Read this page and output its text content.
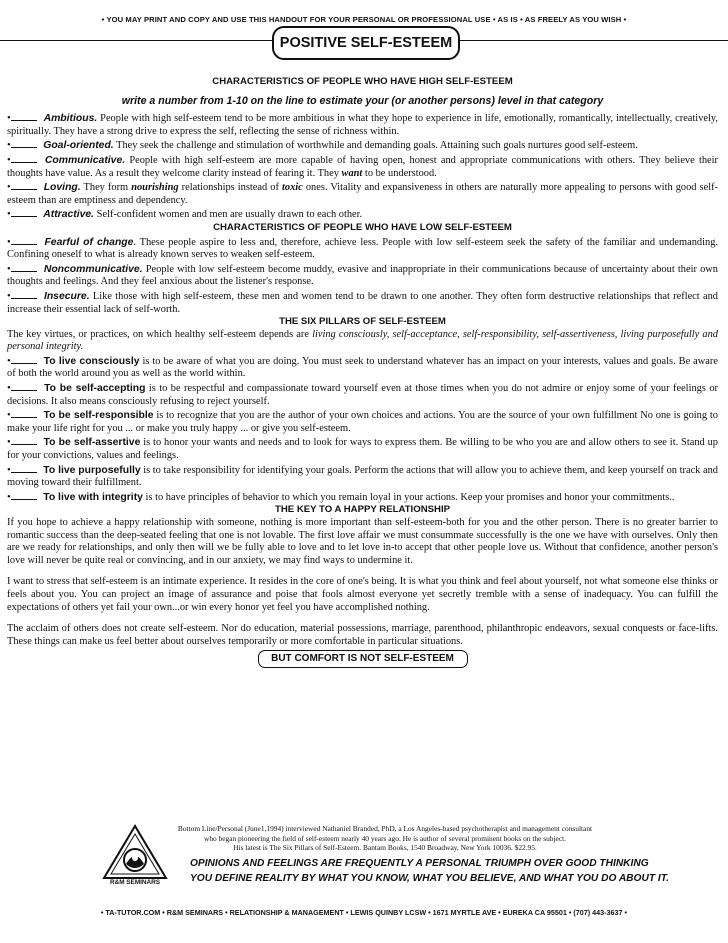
• YOU MAY PRINT AND COPY AND USE THIS HANDOUT FOR YOUR PERSONAL OR PROFESSIONAL USE • AS IS • AS FREELY AS YOU WISH •
POSITIVE SELF-ESTEEM

CHARACTERISTICS OF PEOPLE WHO HAVE HIGH SELF-ESTEEM

write a number from 1-10 on the line to estimate your (or another persons) level in that category

•	Ambitious. People with high self-esteem tend to be more ambitious in what they hope to experience in life, emotionally, romantically, intellectually, creatively, spiritually. They have a strong drive to express the self, reflecting the sense of richness within.

•	Goal-oriented. They seek the challenge and stimulation of worthwhile and demanding goals. Attaining such goals nurtures good self-esteem.

•	Communicative. People with high self-esteem are more capable of having open, honest and appropriate communications with others. They believe their thoughts have value. As a result they welcome clarity instead of fearing it. They want to be understood.

•	Loving. They form nourishing relationships instead of toxic ones. Vitality and expansiveness in others are naturally more appealing to persons with good self-esteem than are emptiness and dependency.

•	Attractive. Self-confident women and men are usually drawn to each other.

CHARACTERISTICS OF PEOPLE WHO HAVE LOW SELF-ESTEEM

•	Fearful of change. These people aspire to less and, therefore, achieve less. People with low self-esteem seek the safety of the familiar and undemanding. Confining oneself to what is already known serves to weaken self-esteem.

•	Noncommunicative. People with low self-esteem become muddy, evasive and inappropriate in their communications because of uncertainty about their own thoughts and feelings. And they feel anxious about the listener's response.

•	Insecure. Like those with high self-esteem, these men and women tend to be drawn to one another. They often form destructive relationships that reflect and increase their essential lack of self-worth.

THE SIX PILLARS OF SELF-ESTEEM

The key virtues, or practices, on which healthy self-esteem depends are living consciously, self-acceptance, self-responsibility, self-assertiveness, living purposefully and personal integrity.

•	To live consciously is to be aware of what you are doing. You must seek to understand whatever has an impact on your interests, values and goals. Be aware of both the world around you as well as the world within.

•	To be self-accepting is to be respectful and compassionate toward yourself even at those times when you do not admire or enjoy some of your feelings or decisions. It also means consciously refusing to reject yourself.

•	To be self-responsible is to recognize that you are the author of your own choices and actions. You are the source of your own fulfillment No one is going to make your life right for you ... or make you truly happy ... or give you self-esteem.

•	To be self-assertive is to honor your wants and needs and to look for ways to express them. Be willing to be who you are and allow others to see it. Stand up for your convictions, values and feelings.

•	To live purposefully is to take responsibility for identifying your goals. Perform the actions that will allow you to achieve them, and keep yourself on track and moving toward their fulfillment.

•	To live with integrity is to have principles of behavior to which you remain loyal in your actions. Keep your promises and honor your commitments..

THE KEY TO A HAPPY RELATIONSHIP

If you hope to achieve a happy relationship with someone, nothing is more important than self-esteem-both for you and the other person. There is no greater barrier to romantic success than the deep-seated feeling that one is not lovable. The first love affair we must consummate successfully is the one we have with ourselves. Only then are we ready for relationships, and only then will we be fully able to love and to let love in-to accept that other people love us. Without that confidence, another person's love will never be quite real or convincing, and in our anxiety, we may find ways to undermine it.

I want to stress that self-esteem is an intimate experience. It resides in the core of one's being. It is what you think and feel about yourself, not what someone else thinks or feels about you. You can project an image of assurance and poise that fools almost everyone yet secretly tremble with a sense of inadequacy. You can fulfill the expectations of others yet fail your own...or win every honor yet feel you have accomplished nothing.

The acclaim of others does not create self-esteem. Nor do education, material possessions, marriage, parenthood, philanthropic endeavors, sexual conquests or face-lifts. These things can make us feel better about ourselves temporarily or more comfortable in particular situations.

BUT COMFORT IS NOT SELF-ESTEEM
Bottom Line/Personal (June1,1994) interviewed Nathaniel Branded, PhD, a Los Angeles-based psychotherapist and management consultant
who began pioneering the field of self-esteem nearly 40 years ago. He is author of several prominent books on the subject.
His latest is The Six Pillars of Self-Esteem. Bantam Books, 1540 Broadway, New York 10036. $22.95.
R&M SEMINARS
OPINIONS AND FEELINGS ARE FREQUENTLY A PERSONAL TRIUMPH OVER GOOD THINKING
YOU DEFINE REALITY BY WHAT YOU KNOW, WHAT YOU BELIEVE, AND WHAT YOU DO ABOUT IT.
• TA-TUTOR.COM • R&M SEMINARS • RELATIONSHIP & MANAGEMENT • LEWIS QUINBY LCSW • 1671 MYRTLE AVE • EUREKA CA 95501 • (707) 443-3637 •
